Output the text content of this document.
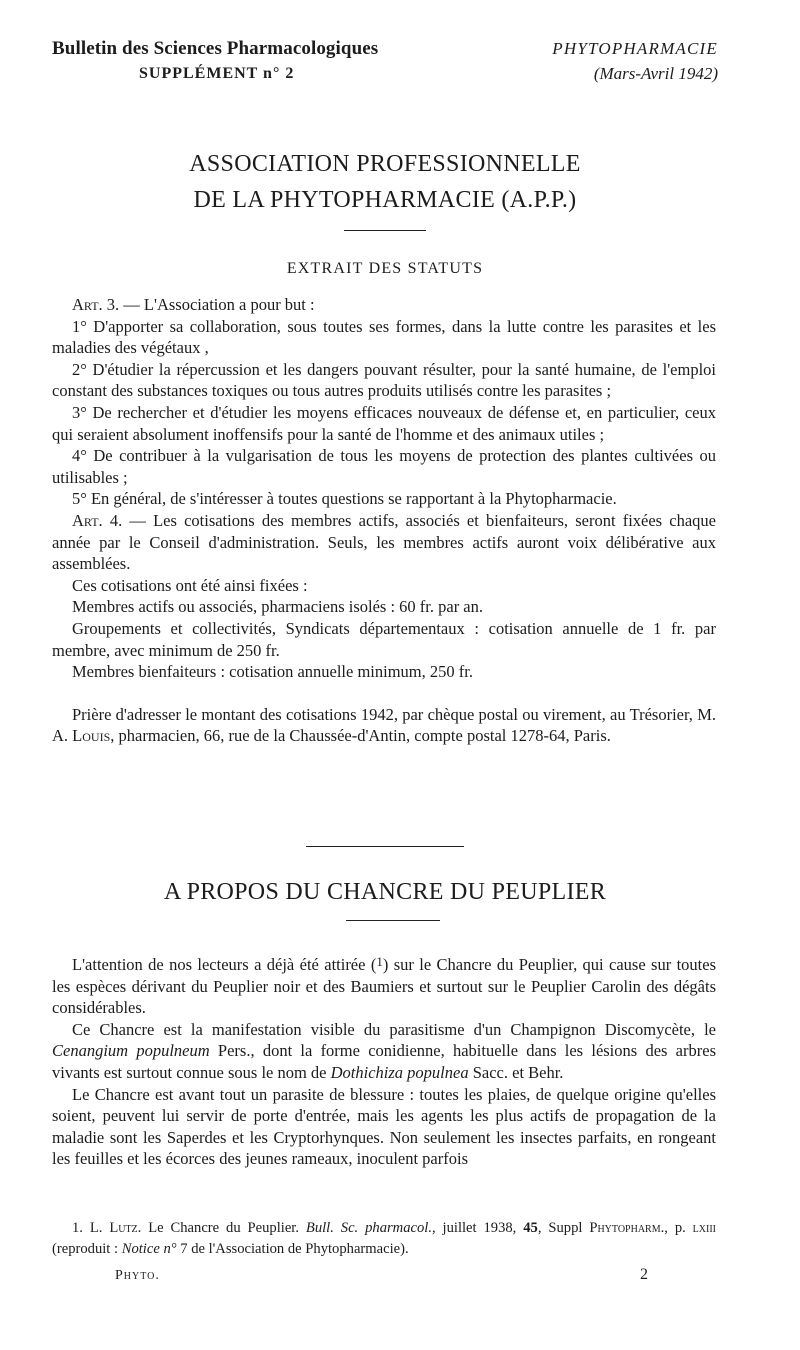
Bulletin des Sciences Pharmacologiques
SUPPLÉMENT n° 2
PHYTOPHARMACIE
(Mars-Avril 1942)
ASSOCIATION PROFESSIONNELLE
DE LA PHYTOPHARMACIE (A.P.P.)
EXTRAIT DES STATUTS

Art. 3. — L'Association a pour but :

1° D'apporter sa collaboration, sous toutes ses formes, dans la lutte contre les parasites et les maladies des végétaux ,

2° D'étudier la répercussion et les dangers pouvant résulter, pour la santé humaine, de l'emploi constant des substances toxiques ou tous autres produits utilisés contre les parasites ;

3° De rechercher et d'étudier les moyens efficaces nouveaux de défense et, en particulier, ceux qui seraient absolument inoffensifs pour la santé de l'homme et des animaux utiles ;

4° De contribuer à la vulgarisation de tous les moyens de protection des plantes cultivées ou utilisables ;

5° En général, de s'intéresser à toutes questions se rapportant à la Phytopharmacie.

Art. 4. — Les cotisations des membres actifs, associés et bienfaiteurs, seront fixées chaque année par le Conseil d'administration. Seuls, les membres actifs auront voix délibérative aux assemblées.

Ces cotisations ont été ainsi fixées :

Membres actifs ou associés, pharmaciens isolés : 60 fr. par an.

Groupements et collectivités, Syndicats départementaux : cotisation annuelle de 1 fr. par membre, avec minimum de 250 fr.

Membres bienfaiteurs : cotisation annuelle minimum, 250 fr.

Prière d'adresser le montant des cotisations 1942, par chèque postal ou virement, au Trésorier, M. A. Louis, pharmacien, 66, rue de la Chaussée-d'Antin, compte postal 1278-64, Paris.

A PROPOS DU CHANCRE DU PEUPLIER

L'attention de nos lecteurs a déjà été attirée ($^1$) sur le Chancre du Peuplier, qui cause sur toutes les espèces dérivant du Peuplier noir et des Baumiers et surtout sur le Peuplier Carolin des dégâts considérables.

Ce Chancre est la manifestation visible du parasitisme d'un Champignon Discomycète, le Cenangium populneum Pers., dont la forme conidienne, habituelle dans les lésions des arbres vivants est surtout connue sous le nom de Dothichiza populnea Sacc. et Behr.

Le Chancre est avant tout un parasite de blessure : toutes les plaies, de quelque origine qu'elles soient, peuvent lui servir de porte d'entrée, mais les agents les plus actifs de propagation de la maladie sont les Saperdes et les Cryptorhynques. Non seulement les insectes parfaits, en rongeant les feuilles et les écorces des jeunes rameaux, inoculent parfois

1. L. Lutz. Le Chancre du Peuplier. Bull. Sc. pharmacol., juillet 1938, 45, Suppl Phytopharm., p. lxiii (reproduit : Notice n° 7 de l'Association de Phytopharmacie).

Phyto.	2
